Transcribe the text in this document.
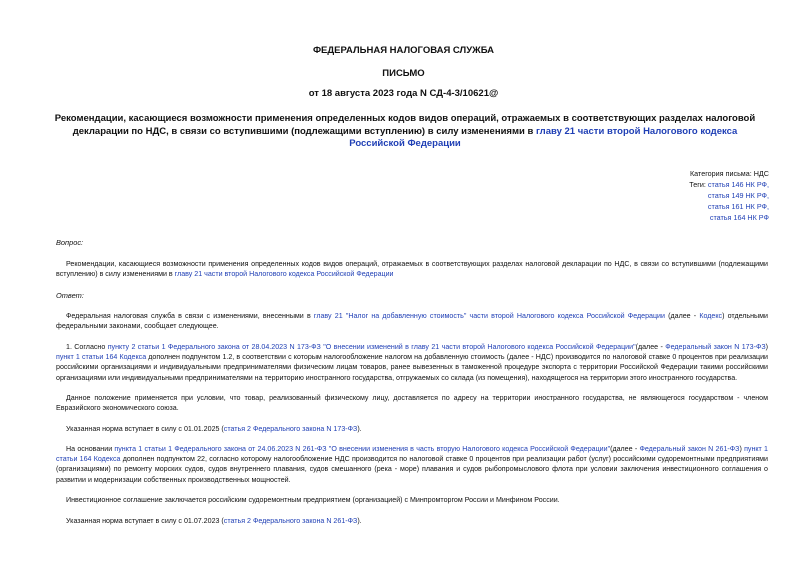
ФЕДЕРАЛЬНАЯ НАЛОГОВАЯ СЛУЖБА
ПИСЬМО
от 18 августа 2023 года N СД-4-3/10621@
Рекомендации, касающиеся возможности применения определенных кодов видов операций, отражаемых в соответствующих разделах налоговой декларации по НДС, в связи со вступившими (подлежащими вступлению) в силу изменениями в главу 21 части второй Налогового кодекса Российской Федерации
Категория письма: НДС
Теги: статья 146 НК РФ,
статья 149 НК РФ,
статья 161 НК РФ,
статья 164 НК РФ
Вопрос:
Рекомендации, касающиеся возможности применения определенных кодов видов операций, отражаемых в соответствующих разделах налоговой декларации по НДС, в связи со вступившими (подлежащими вступлению) в силу изменениями в главу 21 части второй Налогового кодекса Российской Федерации
Ответ:
Федеральная налоговая служба в связи с изменениями, внесенными в главу 21 "Налог на добавленную стоимость" части второй Налогового кодекса Российской Федерации (далее - Кодекс) отдельными федеральными законами, сообщает следующее.
1. Согласно пункту 2 статьи 1 Федерального закона от 28.04.2023 N 173-ФЗ "О внесении изменений в главу 21 части второй Налогового кодекса Российской Федерации"(далее - Федеральный закон N 173-ФЗ) пункт 1 статьи 164 Кодекса дополнен подпунктом 1.2, в соответствии с которым налогообложение налогом на добавленную стоимость (далее - НДС) производится по налоговой ставке 0 процентов при реализации российскими организациями и индивидуальными предпринимателями физическим лицам товаров, ранее вывезенных в таможенной процедуре экспорта с территории Российской Федерации такими российскими организациями или индивидуальными предпринимателями на территорию иностранного государства, отгружаемых со склада (из помещения), находящегося на территории этого иностранного государства.
Данное положение применяется при условии, что товар, реализованный физическому лицу, доставляется по адресу на территории иностранного государства, не являющегося государством - членом Евразийского экономического союза.
Указанная норма вступает в силу с 01.01.2025 (статья 2 Федерального закона N 173-ФЗ).
На основании пункта 1 статьи 1 Федерального закона от 24.06.2023 N 261-ФЗ "О внесении изменения в часть вторую Налогового кодекса Российской Федерации"(далее - Федеральный закон N 261-ФЗ) пункт 1 статьи 164 Кодекса дополнен подпунктом 22, согласно которому налогообложение НДС производится по налоговой ставке 0 процентов при реализации работ (услуг) российскими судоремонтными предприятиями (организациями) по ремонту морских судов, судов внутреннего плавания, судов смешанного (река - море) плавания и судов рыбопромыслового флота при условии заключения инвестиционного соглашения о развитии и модернизации собственных производственных мощностей.
Инвестиционное соглашение заключается российским судоремонтным предприятием (организацией) с Минпромторгом России и Минфином России.
Указанная норма вступает в силу с 01.07.2023 (статья 2 Федерального закона N 261-ФЗ).
